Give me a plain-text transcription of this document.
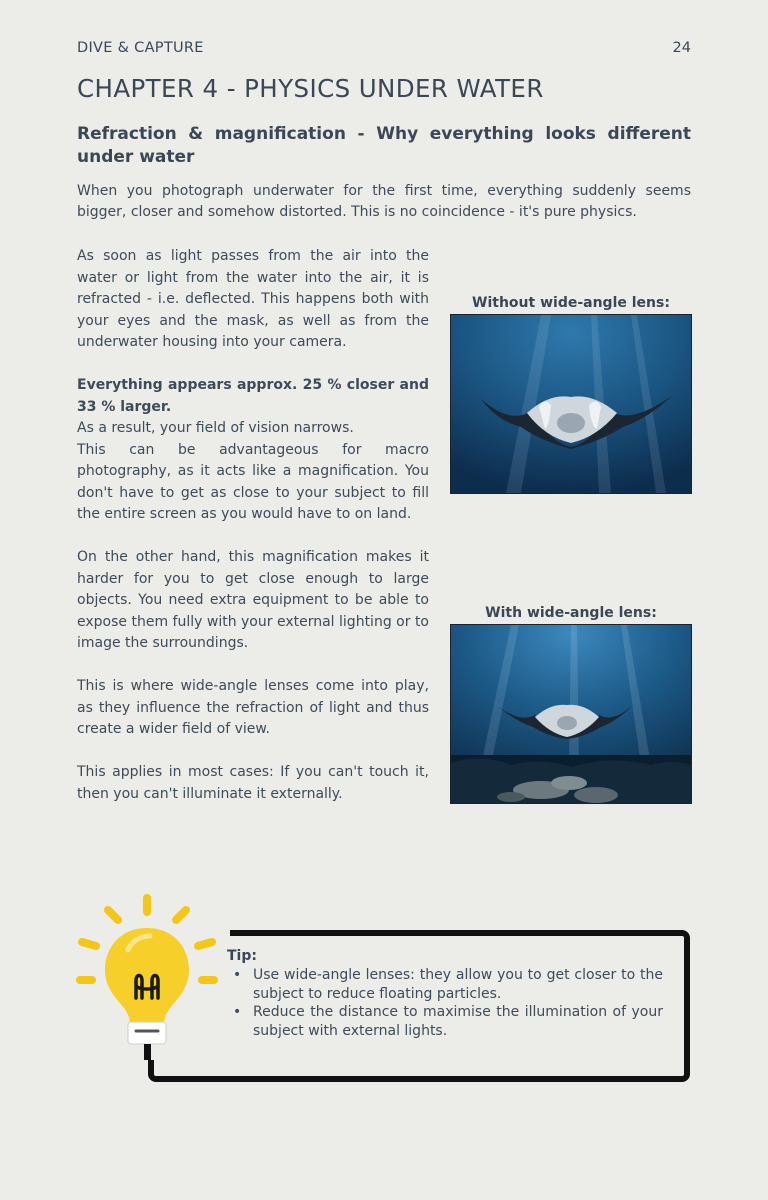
DIVE & CAPTURE	24
CHAPTER 4 - PHYSICS UNDER WATER
Refraction & magnification - Why everything looks different under water

When you photograph underwater for the first time, everything suddenly seems bigger, closer and somehow distorted. This is no coincidence - it's pure physics.

As soon as light passes from the air into the water or light from the water into the air, it is refracted - i.e. deflected. This happens both with your eyes and the mask, as well as from the underwater housing into your camera.

Everything appears approx. 25 % closer and 33 % larger.
As a result, your field of vision narrows.
This can be advantageous for macro photography, as it acts like a magnification. You don't have to get as close to your subject to fill the entire screen as you would have to on land.

On the other hand, this magnification makes it harder for you to get close enough to large objects. You need extra equipment to be able to expose them fully with your external lighting or to image the surroundings.

This is where wide-angle lenses come into play, as they influence the refraction of light and thus create a wider field of view.

This applies in most cases: If you can't touch it, then you can't illuminate it externally.

Without wide-angle lens:
With wide-angle lens:
Tip:
• Use wide-angle lenses: they allow you to get closer to the subject to reduce floating particles.
• Reduce the distance to maximise the illumination of your subject with external lights.
